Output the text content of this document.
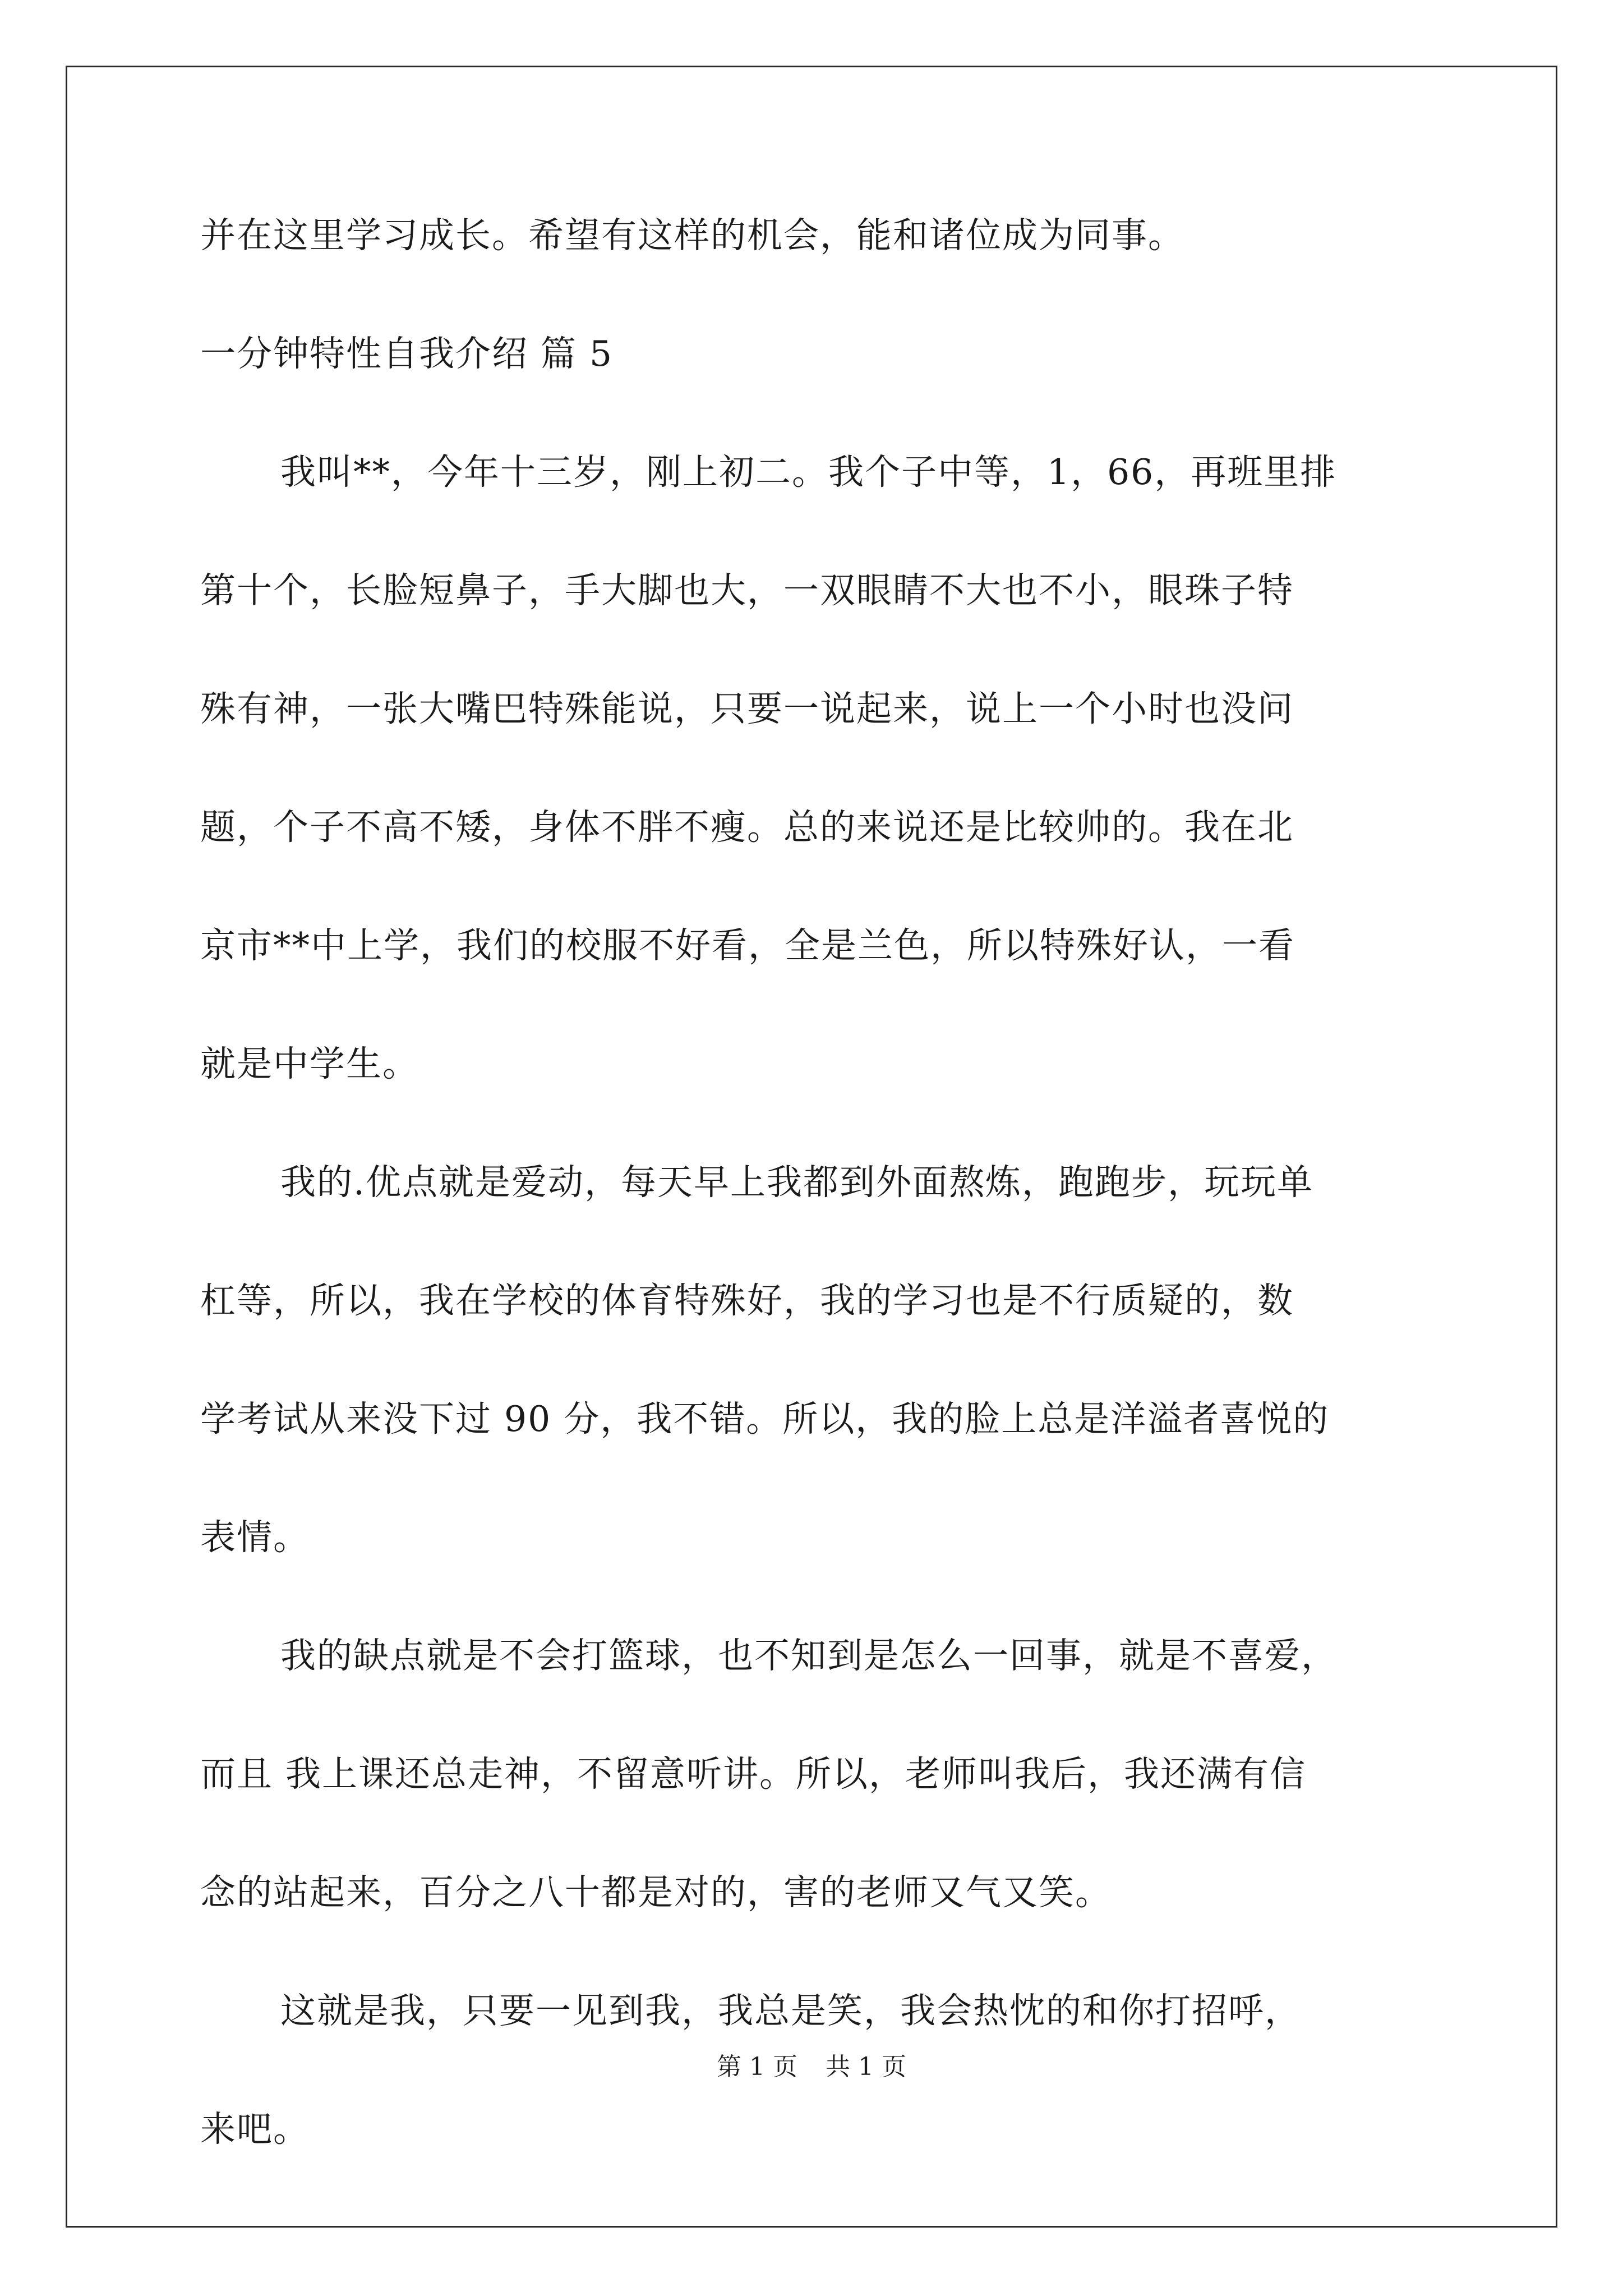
并在这里学习成长。希望有这样的机会，能和诸位成为同事。
一分钟特性自我介绍 篇 5
我叫**，今年十三岁，刚上初二。我个子中等，1，66，再班里排
第十个，长脸短鼻子，手大脚也大，一双眼睛不大也不小，眼珠子特
殊有神，一张大嘴巴特殊能说，只要一说起来，说上一个小时也没问
题，个子不高不矮，身体不胖不瘦。总的来说还是比较帅的。我在北
京市**中上学，我们的校服不好看，全是兰色，所以特殊好认，一看
就是中学生。
我的.优点就是爱动，每天早上我都到外面熬炼，跑跑步，玩玩单
杠等，所以，我在学校的体育特殊好，我的学习也是不行质疑的，数
学考试从来没下过 90 分，我不错。所以，我的脸上总是洋溢者喜悦的
表情。
我的缺点就是不会打篮球，也不知到是怎么一回事，就是不喜爱，
而且 我上课还总走神，不留意听讲。所以，老师叫我后，我还满有信
念的站起来，百分之八十都是对的，害的老师又气又笑。
这就是我，只要一见到我，我总是笑，我会热忱的和你打招呼，
来吧。
第 1 页 共 1 页
